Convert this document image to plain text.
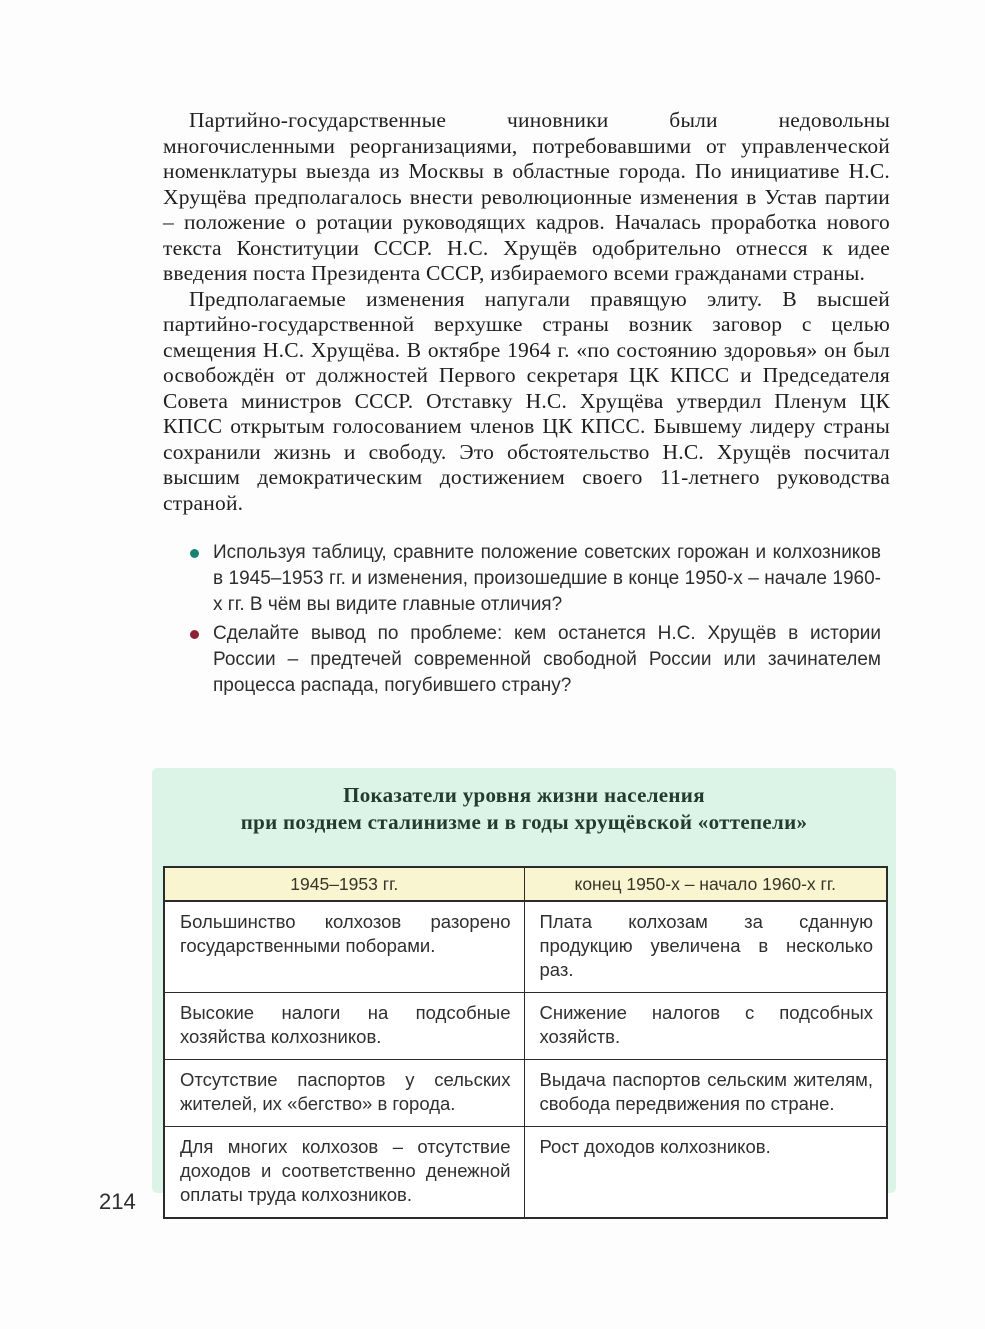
Партийно-государственные чиновники были недовольны многочисленными реорганизациями, потребовавшими от управленческой номенклатуры выезда из Москвы в областные города. По инициативе Н.С. Хрущёва предполагалось внести революционные изменения в Устав партии – положение о ротации руководящих кадров. Началась проработка нового текста Конституции СССР. Н.С. Хрущёв одобрительно отнесся к идее введения поста Президента СССР, избираемого всеми гражданами страны.

Предполагаемые изменения напугали правящую элиту. В высшей партийно-государственной верхушке страны возник заговор с целью смещения Н.С. Хрущёва. В октябре 1964 г. «по состоянию здоровья» он был освобождён от должностей Первого секретаря ЦК КПСС и Председателя Совета министров СССР. Отставку Н.С. Хрущёва утвердил Пленум ЦК КПСС открытым голосованием членов ЦК КПСС. Бывшему лидеру страны сохранили жизнь и свободу. Это обстоятельство Н.С. Хрущёв посчитал высшим демократическим достижением своего 11-летнего руководства страной.

Используя таблицу, сравните положение советских горожан и колхозников в 1945–1953 гг. и изменения, произошедшие в конце 1950-х – начале 1960-х гг. В чём вы видите главные отличия?
Сделайте вывод по проблеме: кем останется Н.С. Хрущёв в истории России – предтечей современной свободной России или зачинателем процесса распада, погубившего страну?
Показатели уровня жизни населения
при позднем сталинизме и в годы хрущёвской «оттепели»
1945–1953 гг.	конец 1950-х – начало 1960-х гг.
Большинство колхозов разорено государственными поборами.	Плата колхозам за сданную продукцию увеличена в несколько раз.
Высокие налоги на подсобные хозяйства колхозников.	Снижение налогов с подсобных хозяйств.
Отсутствие паспортов у сельских жителей, их «бегство» в города.	Выдача паспортов сельским жителям, свобода передвижения по стране.
Для многих колхозов – отсутствие доходов и соответственно денежной оплаты труда колхозников.	Рост доходов колхозников.
214
